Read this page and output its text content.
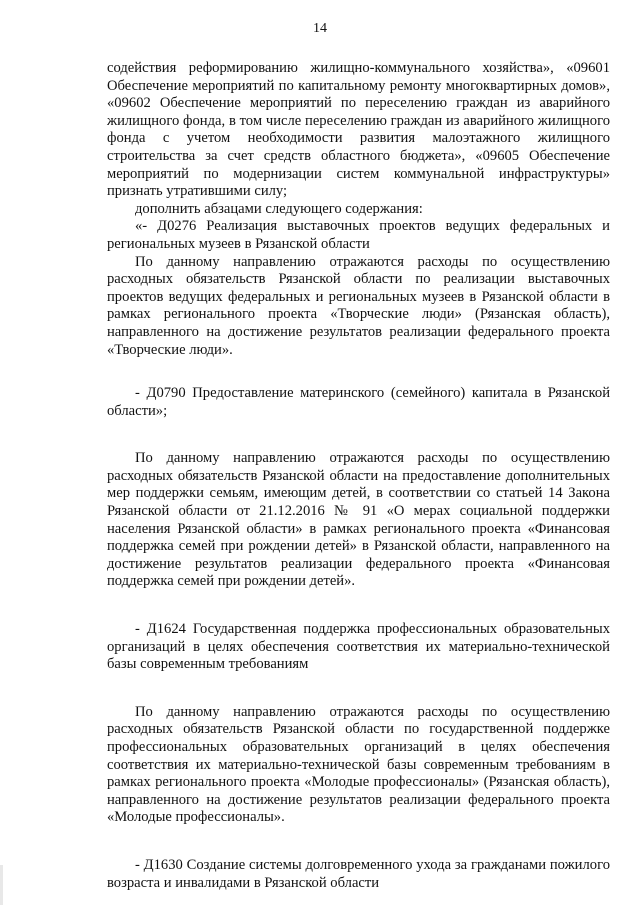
14

содействия реформированию жилищно-коммунального хозяйства», «09601 Обеспечение мероприятий по капитальному ремонту многоквартирных домов», «09602 Обеспечение мероприятий по переселению граждан из аварийного жилищного фонда, в том числе переселению граждан из аварийного жилищного фонда с учетом необходимости развития малоэтажного жилищного строительства за счет средств областного бюджета», «09605 Обеспечение мероприятий по модернизации систем коммунальной инфраструктуры» признать утратившими силу;

дополнить абзацами следующего содержания:

«- Д0276 Реализация выставочных проектов ведущих федеральных и региональных музеев в Рязанской области

По данному направлению отражаются расходы по осуществлению расходных обязательств Рязанской области по реализации выставочных проектов ведущих федеральных и региональных музеев в Рязанской области в рамках регионального проекта «Творческие люди» (Рязанская область), направленного на достижение результатов реализации федерального проекта «Творческие люди».

- Д0790 Предоставление материнского (семейного) капитала в Рязанской области»;

По данному направлению отражаются расходы по осуществлению расходных обязательств Рязанской области на предоставление дополнительных мер поддержки семьям, имеющим детей, в соответствии со статьей 14 Закона Рязанской области от 21.12.2016 № 91 «О мерах социальной поддержки населения Рязанской области» в рамках регионального проекта «Финансовая поддержка семей при рождении детей» в Рязанской области, направленного на достижение результатов реализации федерального проекта «Финансовая поддержка семей при рождении детей».

- Д1624 Государственная поддержка профессиональных образовательных организаций в целях обеспечения соответствия их материально-технической базы современным требованиям

По данному направлению отражаются расходы по осуществлению расходных обязательств Рязанской области по государственной поддержке профессиональных образовательных организаций в целях обеспечения соответствия их материально-технической базы современным требованиям в рамках регионального проекта «Молодые профессионалы» (Рязанская область), направленного на достижение результатов реализации федерального проекта «Молодые профессионалы».

- Д1630 Создание системы долговременного ухода за гражданами пожилого возраста и инвалидами в Рязанской области
